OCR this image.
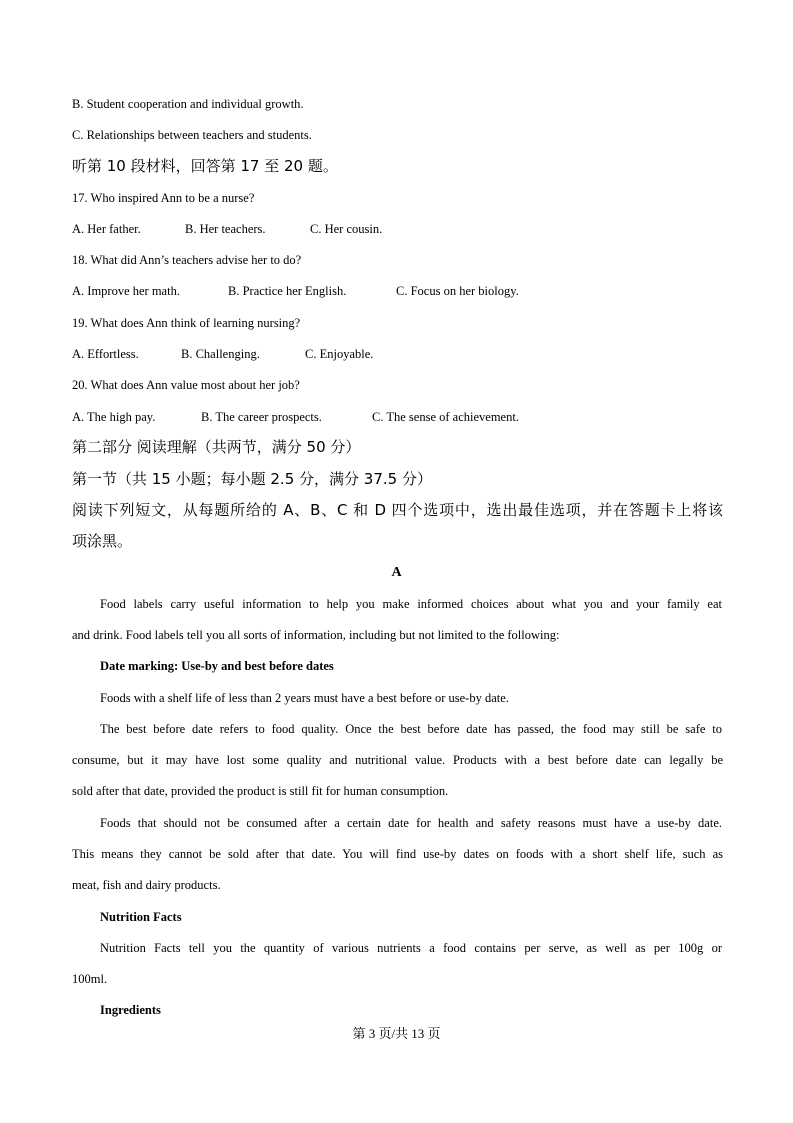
B. Student cooperation and individual growth.
C. Relationships between teachers and students.
听第 10 段材料，回答第 17 至 20 题。
17. Who inspired Ann to be a nurse?
A. Her father.	B. Her teachers.	C. Her cousin.
18. What did Ann’s teachers advise her to do?
A. Improve her math.	B. Practice her English.	C. Focus on her biology.
19. What does Ann think of learning nursing?
A. Effortless.	B. Challenging.	C. Enjoyable.
20. What does Ann value most about her job?
A. The high pay.	B. The career prospects.	C. The sense of achievement.
第二部分 阅读理解（共两节，满分 50 分）
第一节（共 15 小题；每小题 2.5 分，满分 37.5 分）
阅读下列短文，从每题所给的 A、B、C 和 D 四个选项中，选出最佳选项，并在答题卡上将该
项涂黑。
A
Food labels carry useful information to help you make informed choices about what you and your family eat
and drink. Food labels tell you all sorts of information, including but not limited to the following:
Date marking: Use-by and best before dates
Foods with a shelf life of less than 2 years must have a best before or use-by date.
The best before date refers to food quality. Once the best before date has passed, the food may still be safe to
consume, but it may have lost some quality and nutritional value. Products with a best before date can legally be
sold after that date, provided the product is still fit for human consumption.
Foods that should not be consumed after a certain date for health and safety reasons must have a use-by date.
This means they cannot be sold after that date. You will find use-by dates on foods with a short shelf life, such as
meat, fish and dairy products.
Nutrition Facts
Nutrition Facts tell you the quantity of various nutrients a food contains per serve, as well as per 100g or
100ml.
Ingredients
第 3 页/共 13 页
